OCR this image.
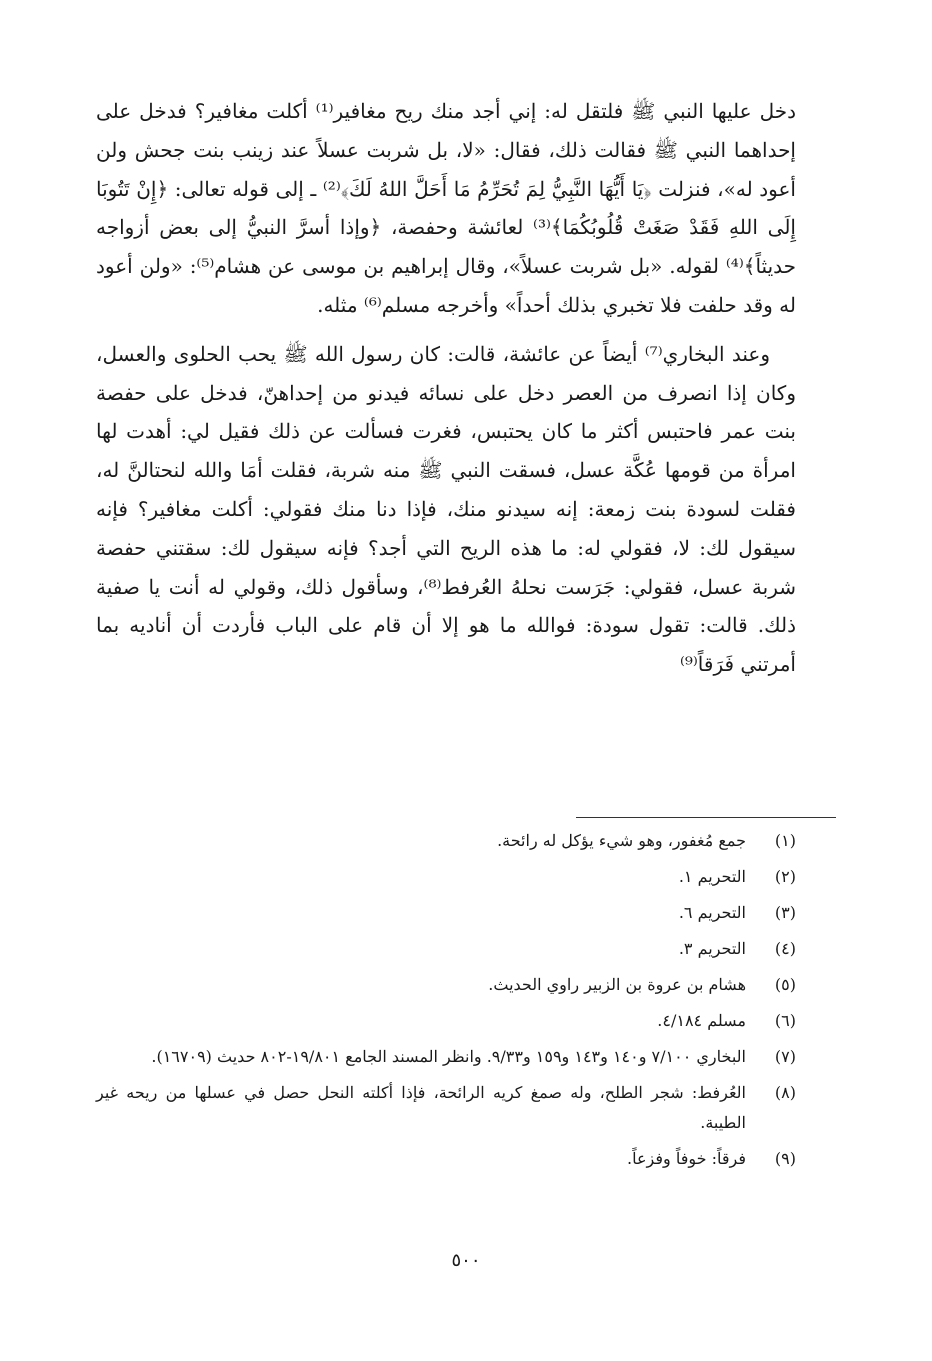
دخل عليها النبي ﷺ فلتقل له: إني أجد منك ريح مغافير⁽¹⁾ أكلت مغافير؟ فدخل على إحداهما النبي ﷺ فقالت ذلك، فقال: «لا، بل شربت عسلاً عند زينب بنت جحش ولن أعود له»، فنزلت ﴿يَا أَيُّهَا النَّبِيُّ لِمَ تُحَرِّمُ مَا أَحَلَّ اللهُ لَكَ﴾⁽²⁾ ـ إلى قوله تعالى: ﴿إِنْ تَتُوبَا إِلَى اللهِ فَقَدْ صَغَتْ قُلُوبُكُمَا﴾⁽³⁾ لعائشة وحفصة، ﴿وإذا أسرَّ النبيُّ إلى بعض أزواجه حديثاً﴾⁽⁴⁾ لقوله. «بل شربت عسلاً»، وقال إبراهيم بن موسى عن هشام⁽⁵⁾: «ولن أعود له وقد حلفت فلا تخبري بذلك أحداً» وأخرجه مسلم⁽⁶⁾ مثله.

وعند البخاري⁽⁷⁾ أيضاً عن عائشة، قالت: كان رسول الله ﷺ يحب الحلوى والعسل، وكان إذا انصرف من العصر دخل على نسائه فيدنو من إحداهنّ، فدخل على حفصة بنت عمر فاحتبس أكثر ما كان يحتبس، فغرت فسألت عن ذلك فقيل لي: أهدت لها امرأة من قومها عُكَّة عسل، فسقت النبي ﷺ منه شربة، فقلت أمَا والله لنحتالنَّ له، فقلت لسودة بنت زمعة: إنه سيدنو منك، فإذا دنا منك فقولي: أكلت مغافير؟ فإنه سيقول لك: لا، فقولي له: ما هذه الريح التي أجد؟ فإنه سيقول لك: سقتني حفصة شربة عسل، فقولي: جَرَست نحلهُ العُرفط⁽⁸⁾، وسأقول ذلك، وقولي له أنت يا صفية ذلك. قالت: تقول سودة: فوالله ما هو إلا أن قام على الباب فأردت أن أناديه بما أمرتني فَرَقاً⁽⁹⁾

(١)
جمع مُغفور، وهو شيء يؤكل له رائحة.
(٢)
التحريم ١.
(٣)
التحريم ٦.
(٤)
التحريم ٣.
(٥)
هشام بن عروة بن الزبير راوي الحديث.
(٦)
مسلم ٤/١٨٤.
(٧)
البخاري ٧/١٠٠ و١٤٠ و١٤٣ و١٥٩ و٩/٣٣. وانظر المسند الجامع ١٩/٨٠١-٨٠٢ حديث (١٦٧٠٩).
(٨)
العُرفط: شجر الطلح، وله صمغ كريه الرائحة، فإذا أكلته النحل حصل في عسلها من ريحه غير الطيبة.
(٩)
فرقاً: خوفاً وفزعاً.
٥٠٠
